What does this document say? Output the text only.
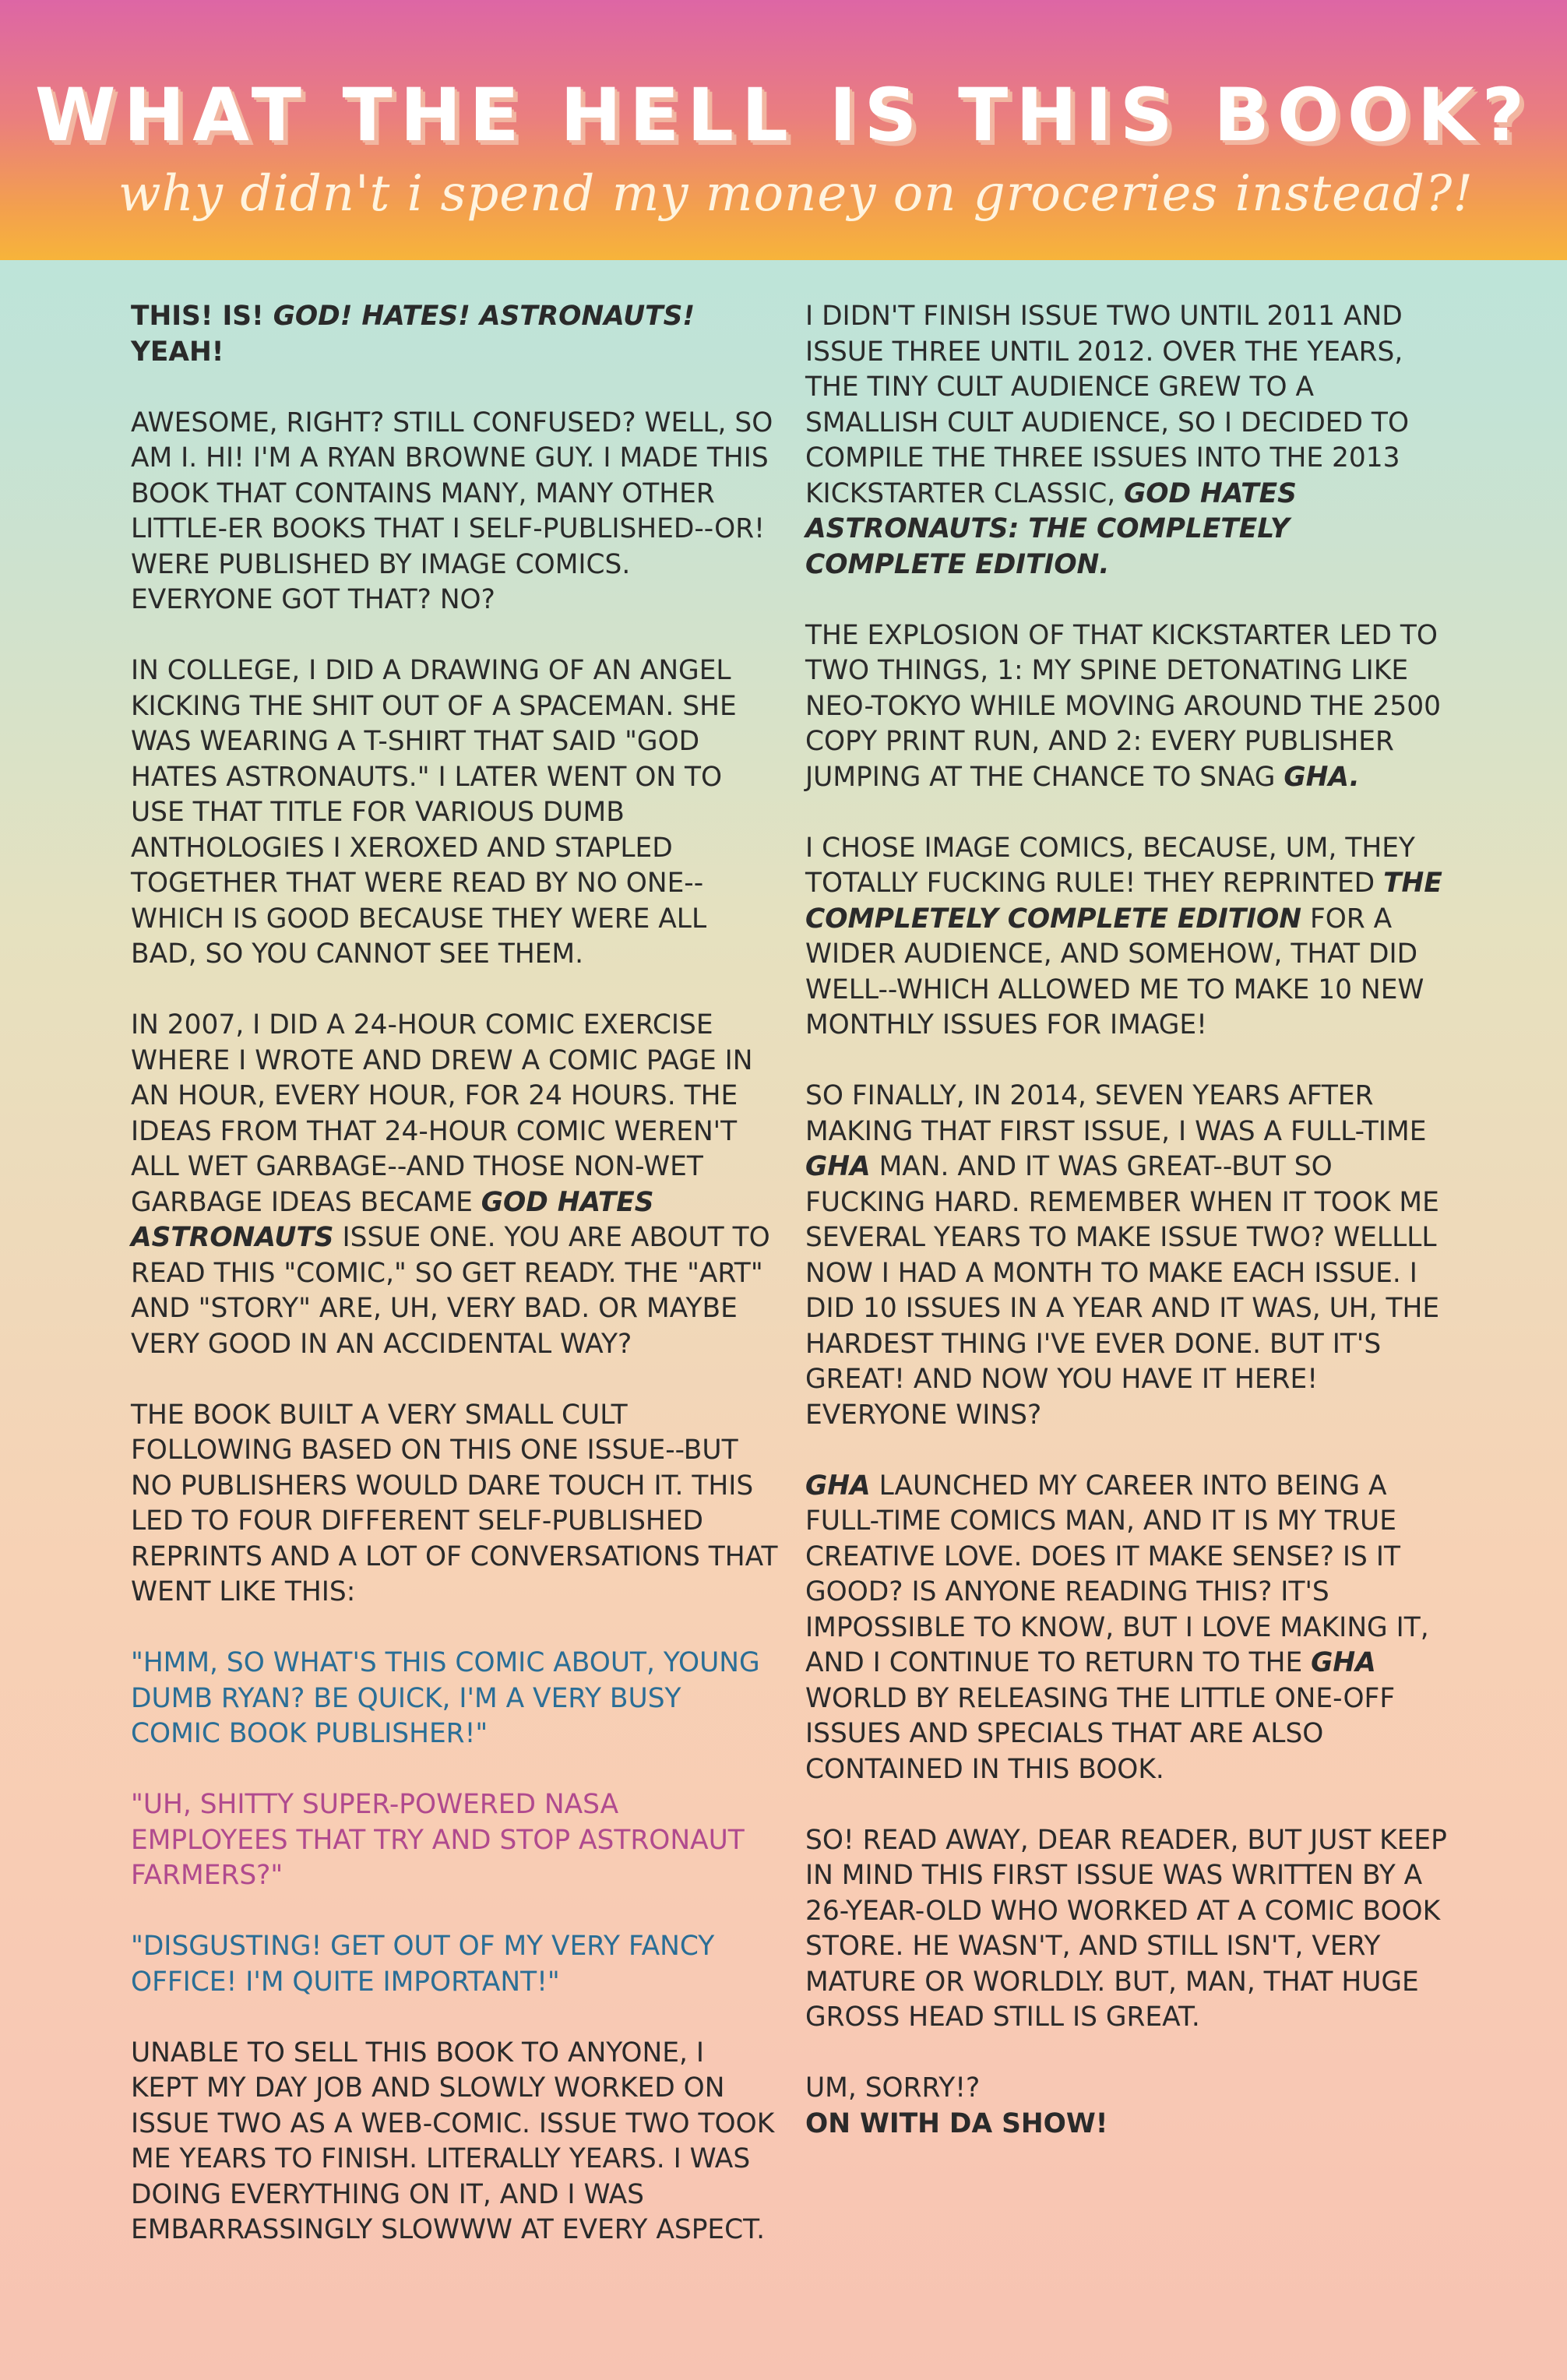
WHAT THE HELL IS THIS BOOK?
why didn't i spend my money on groceries instead?!

THIS! IS! GOD! HATES! ASTRONAUTS! YEAH!

AWESOME, RIGHT? STILL CONFUSED? WELL, SO AM I. HI! I'M A RYAN BROWNE GUY. I MADE THIS BOOK THAT CONTAINS MANY, MANY OTHER LITTLE-ER BOOKS THAT I SELF-PUBLISHED--OR! WERE PUBLISHED BY IMAGE COMICS. EVERYONE GOT THAT? NO?

IN COLLEGE, I DID A DRAWING OF AN ANGEL KICKING THE SHIT OUT OF A SPACEMAN. SHE WAS WEARING A T-SHIRT THAT SAID "GOD HATES ASTRONAUTS." I LATER WENT ON TO USE THAT TITLE FOR VARIOUS DUMB ANTHOLOGIES I XEROXED AND STAPLED TOGETHER THAT WERE READ BY NO ONE--WHICH IS GOOD BECAUSE THEY WERE ALL BAD, SO YOU CANNOT SEE THEM.

IN 2007, I DID A 24-HOUR COMIC EXERCISE WHERE I WROTE AND DREW A COMIC PAGE IN AN HOUR, EVERY HOUR, FOR 24 HOURS. THE IDEAS FROM THAT 24-HOUR COMIC WEREN'T ALL WET GARBAGE--AND THOSE NON-WET GARBAGE IDEAS BECAME GOD HATES ASTRONAUTS ISSUE ONE. YOU ARE ABOUT TO READ THIS "COMIC," SO GET READY. THE "ART" AND "STORY" ARE, UH, VERY BAD. OR MAYBE VERY GOOD IN AN ACCIDENTAL WAY?

THE BOOK BUILT A VERY SMALL CULT FOLLOWING BASED ON THIS ONE ISSUE--BUT NO PUBLISHERS WOULD DARE TOUCH IT. THIS LED TO FOUR DIFFERENT SELF-PUBLISHED REPRINTS AND A LOT OF CONVERSATIONS THAT WENT LIKE THIS:

"HMM, SO WHAT'S THIS COMIC ABOUT, YOUNG DUMB RYAN? BE QUICK, I'M A VERY BUSY COMIC BOOK PUBLISHER!"

"UH, SHITTY SUPER-POWERED NASA EMPLOYEES THAT TRY AND STOP ASTRONAUT FARMERS?"

"DISGUSTING! GET OUT OF MY VERY FANCY OFFICE! I'M QUITE IMPORTANT!"

UNABLE TO SELL THIS BOOK TO ANYONE, I KEPT MY DAY JOB AND SLOWLY WORKED ON ISSUE TWO AS A WEB-COMIC. ISSUE TWO TOOK ME YEARS TO FINISH. LITERALLY YEARS. I WAS DOING EVERYTHING ON IT, AND I WAS EMBARRASSINGLY SLOWWW AT EVERY ASPECT.

I DIDN'T FINISH ISSUE TWO UNTIL 2011 AND ISSUE THREE UNTIL 2012. OVER THE YEARS, THE TINY CULT AUDIENCE GREW TO A SMALLISH CULT AUDIENCE, SO I DECIDED TO COMPILE THE THREE ISSUES INTO THE 2013 KICKSTARTER CLASSIC, GOD HATES ASTRONAUTS: THE COMPLETELY COMPLETE EDITION.

THE EXPLOSION OF THAT KICKSTARTER LED TO TWO THINGS, 1: MY SPINE DETONATING LIKE NEO-TOKYO WHILE MOVING AROUND THE 2500 COPY PRINT RUN, AND 2: EVERY PUBLISHER JUMPING AT THE CHANCE TO SNAG GHA.

I CHOSE IMAGE COMICS, BECAUSE, UM, THEY TOTALLY FUCKING RULE! THEY REPRINTED THE COMPLETELY COMPLETE EDITION FOR A WIDER AUDIENCE, AND SOMEHOW, THAT DID WELL--WHICH ALLOWED ME TO MAKE 10 NEW MONTHLY ISSUES FOR IMAGE!

SO FINALLY, IN 2014, SEVEN YEARS AFTER MAKING THAT FIRST ISSUE, I WAS A FULL-TIME GHA MAN. AND IT WAS GREAT--BUT SO FUCKING HARD. REMEMBER WHEN IT TOOK ME SEVERAL YEARS TO MAKE ISSUE TWO? WELLLL NOW I HAD A MONTH TO MAKE EACH ISSUE. I DID 10 ISSUES IN A YEAR AND IT WAS, UH, THE HARDEST THING I'VE EVER DONE. BUT IT'S GREAT! AND NOW YOU HAVE IT HERE! EVERYONE WINS?

GHA LAUNCHED MY CAREER INTO BEING A FULL-TIME COMICS MAN, AND IT IS MY TRUE CREATIVE LOVE. DOES IT MAKE SENSE? IS IT GOOD? IS ANYONE READING THIS? IT'S IMPOSSIBLE TO KNOW, BUT I LOVE MAKING IT, AND I CONTINUE TO RETURN TO THE GHA WORLD BY RELEASING THE LITTLE ONE-OFF ISSUES AND SPECIALS THAT ARE ALSO CONTAINED IN THIS BOOK.

SO! READ AWAY, DEAR READER, BUT JUST KEEP IN MIND THIS FIRST ISSUE WAS WRITTEN BY A 26-YEAR-OLD WHO WORKED AT A COMIC BOOK STORE. HE WASN'T, AND STILL ISN'T, VERY MATURE OR WORLDLY. BUT, MAN, THAT HUGE GROSS HEAD STILL IS GREAT.

UM, SORRY!?
ON WITH DA SHOW!
